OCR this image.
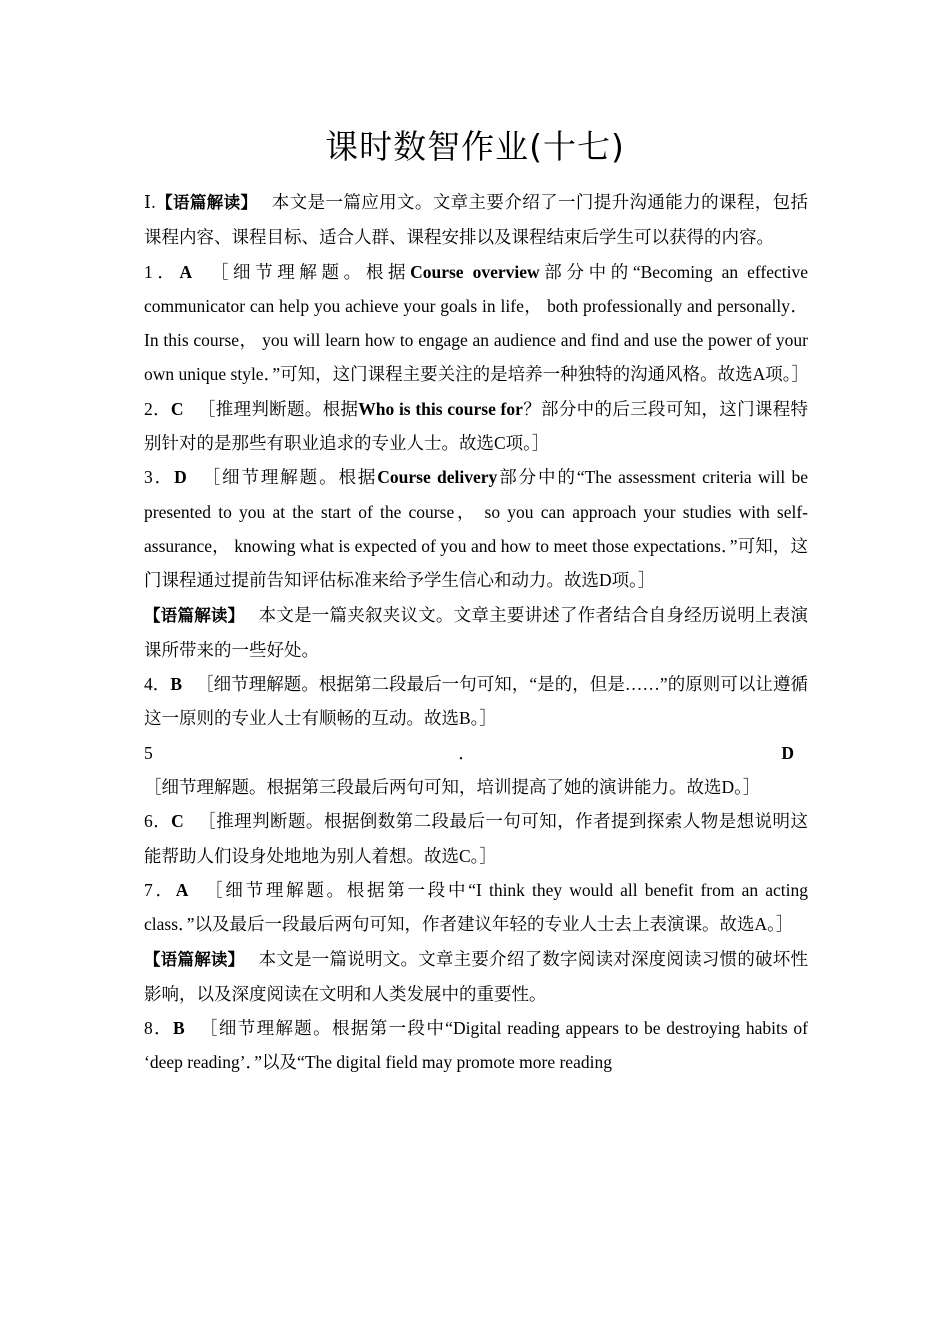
课时数智作业(十七)

Ⅰ.【语篇解读】 本文是一篇应用文。文章主要介绍了一门提升沟通能力的课程，包括课程内容、课程目标、适合人群、课程安排以及课程结束后学生可以获得的内容。

1．A ［细节理解题。根据Course overview部分中的“Becoming an effective communicator can help you achieve your goals in life， both professionally and personally． In this course， you will learn how to engage an audience and find and use the power of your own unique style．”可知，这门课程主要关注的是培养一种独特的沟通风格。故选A项。］

2．C ［推理判断题。根据Who is this course for？部分中的后三段可知，这门课程特别针对的是那些有职业追求的专业人士。故选C项。］

3．D ［细节理解题。根据Course delivery部分中的“The assessment criteria will be presented to you at the start of the course， so you can approach your studies with self-assurance， knowing what is expected of you and how to meet those expectations．”可知，这门课程通过提前告知评估标准来给予学生信心和动力。故选D项。］

【语篇解读】 本文是一篇夹叙夹议文。文章主要讲述了作者结合自身经历说明上表演课所带来的一些好处。

4．B ［细节理解题。根据第二段最后一句可知，“是的，但是……”的原则可以让遵循这一原则的专业人士有顺畅的互动。故选B。］

5．D［细节理解题。根据第三段最后两句可知，培训提高了她的演讲能力。故选D。］

6．C ［推理判断题。根据倒数第二段最后一句可知，作者提到探索人物是想说明这能帮助人们设身处地地为别人着想。故选C。］

7．A ［细节理解题。根据第一段中“I think they would all benefit from an acting class．”以及最后一段最后两句可知，作者建议年轻的专业人士去上表演课。故选A。］

【语篇解读】 本文是一篇说明文。文章主要介绍了数字阅读对深度阅读习惯的破坏性影响，以及深度阅读在文明和人类发展中的重要性。

8．B ［细节理解题。根据第一段中“Digital reading appears to be destroying habits of ‘deep reading’．”以及“The digital field may promote more reading
